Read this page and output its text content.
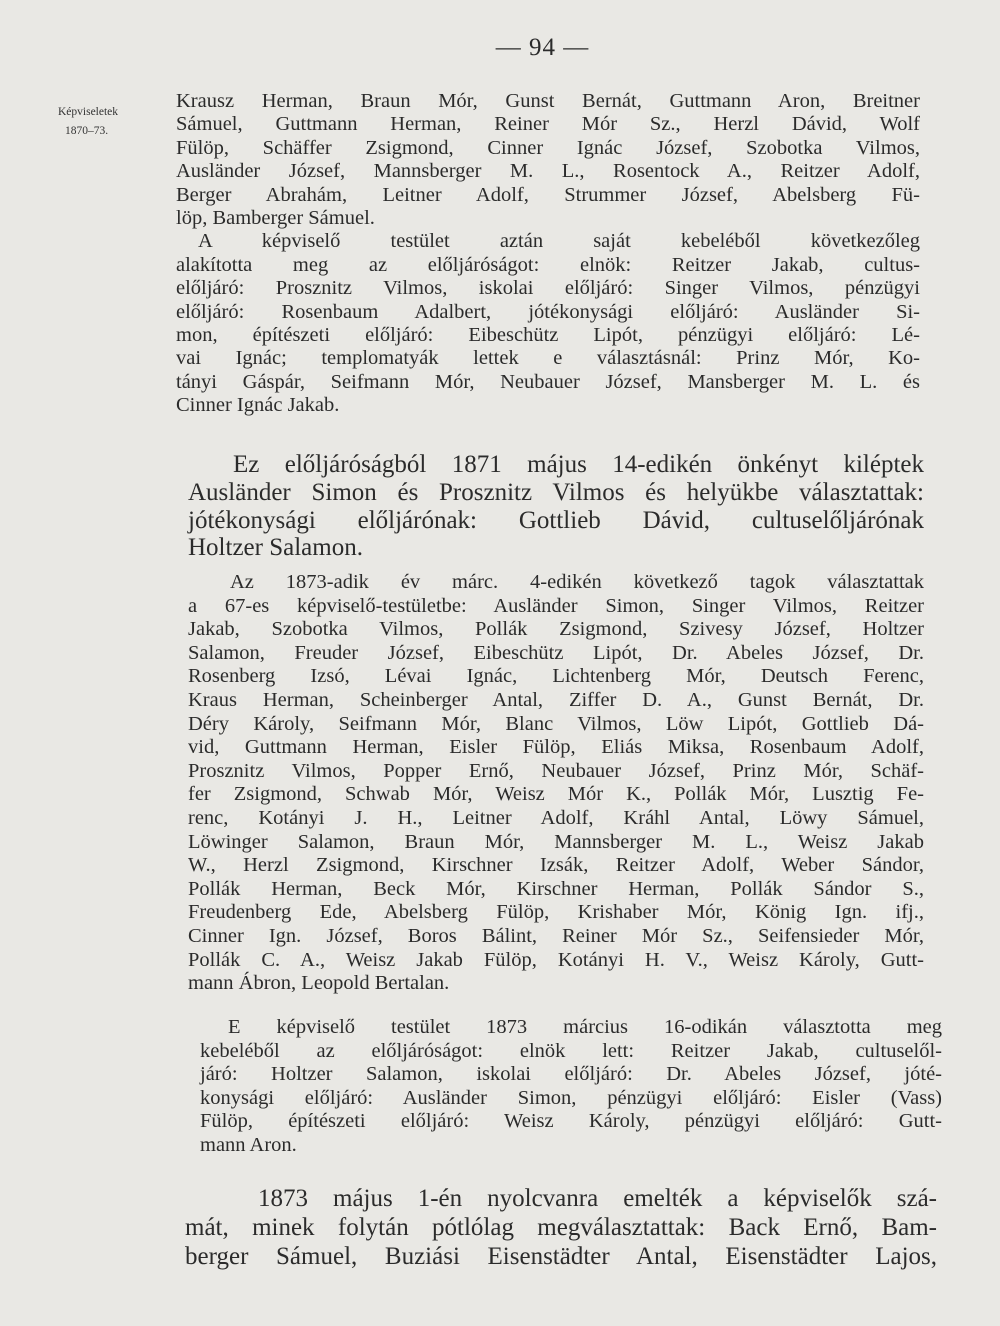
— 94 —
Képviseletek
1870–73.
Krausz Herman, Braun Mór, Gunst Bernát, Guttmann Aron, Breitner
Sámuel, Guttmann Herman, Reiner Mór Sz., Herzl Dávid, Wolf
Fülöp, Schäffer Zsigmond, Cinner Ignác József, Szobotka Vilmos,
Ausländer József, Mannsberger M. L., Rosentock A., Reitzer Adolf,
Berger Abrahám, Leitner Adolf, Strummer József, Abelsberg Fü-
löp, Bamberger Sámuel.
A képviselő testület aztán saját kebeléből következőleg
alakította meg az előljáróságot: elnök: Reitzer Jakab, cultus-
előljáró: Prosznitz Vilmos, iskolai előljáró: Singer Vilmos, pénzügyi
előljáró: Rosenbaum Adalbert, jótékonysági előljáró: Ausländer Si-
mon, építészeti előljáró: Eibeschütz Lipót, pénzügyi előljáró: Lé-
vai Ignác; templomatyák lettek e választásnál: Prinz Mór, Ko-
tányi Gáspár, Seifmann Mór, Neubauer József, Mansberger M. L. és
Cinner Ignác Jakab.
Ez előljáróságból 1871 május 14-edikén önkényt kiléptek
Ausländer Simon és Prosznitz Vilmos és helyükbe választattak:
jótékonysági előljárónak: Gottlieb Dávid, cultuselőljárónak
Holtzer Salamon.
Az 1873-adik év márc. 4-edikén következő tagok választattak
a 67-es képviselő-testületbe: Ausländer Simon, Singer Vilmos, Reitzer
Jakab, Szobotka Vilmos, Pollák Zsigmond, Szivesy József, Holtzer
Salamon, Freuder József, Eibeschütz Lipót, Dr. Abeles József, Dr.
Rosenberg Izsó, Lévai Ignác, Lichtenberg Mór, Deutsch Ferenc,
Kraus Herman, Scheinberger Antal, Ziffer D. A., Gunst Bernát, Dr.
Déry Károly, Seifmann Mór, Blanc Vilmos, Löw Lipót, Gottlieb Dá-
vid, Guttmann Herman, Eisler Fülöp, Eliás Miksa, Rosenbaum Adolf,
Prosznitz Vilmos, Popper Ernő, Neubauer József, Prinz Mór, Schäf-
fer Zsigmond, Schwab Mór, Weisz Mór K., Pollák Mór, Lusztig Fe-
renc, Kotányi J. H., Leitner Adolf, Kráhl Antal, Löwy Sámuel,
Löwinger Salamon, Braun Mór, Mannsberger M. L., Weisz Jakab
W., Herzl Zsigmond, Kirschner Izsák, Reitzer Adolf, Weber Sándor,
Pollák Herman, Beck Mór, Kirschner Herman, Pollák Sándor S.,
Freudenberg Ede, Abelsberg Fülöp, Krishaber Mór, König Ign. ifj.,
Cinner Ign. József, Boros Bálint, Reiner Mór Sz., Seifensieder Mór,
Pollák C. A., Weisz Jakab Fülöp, Kotányi H. V., Weisz Károly, Gutt-
mann Ábron, Leopold Bertalan.
E képviselő testület 1873 március 16-odikán választotta meg
kebeléből az előljáróságot: elnök lett: Reitzer Jakab, cultuselől-
járó: Holtzer Salamon, iskolai előljáró: Dr. Abeles József, jóté-
konysági előljáró: Ausländer Simon, pénzügyi előljáró: Eisler (Vass)
Fülöp, építészeti előljáró: Weisz Károly, pénzügyi előljáró: Gutt-
mann Aron.
1873 május 1-én nyolcvanra emelték a képviselők szá-
mát, minek folytán pótlólag megválasztattak: Back Ernő, Bam-
berger Sámuel, Buziási Eisenstädter Antal, Eisenstädter Lajos,
